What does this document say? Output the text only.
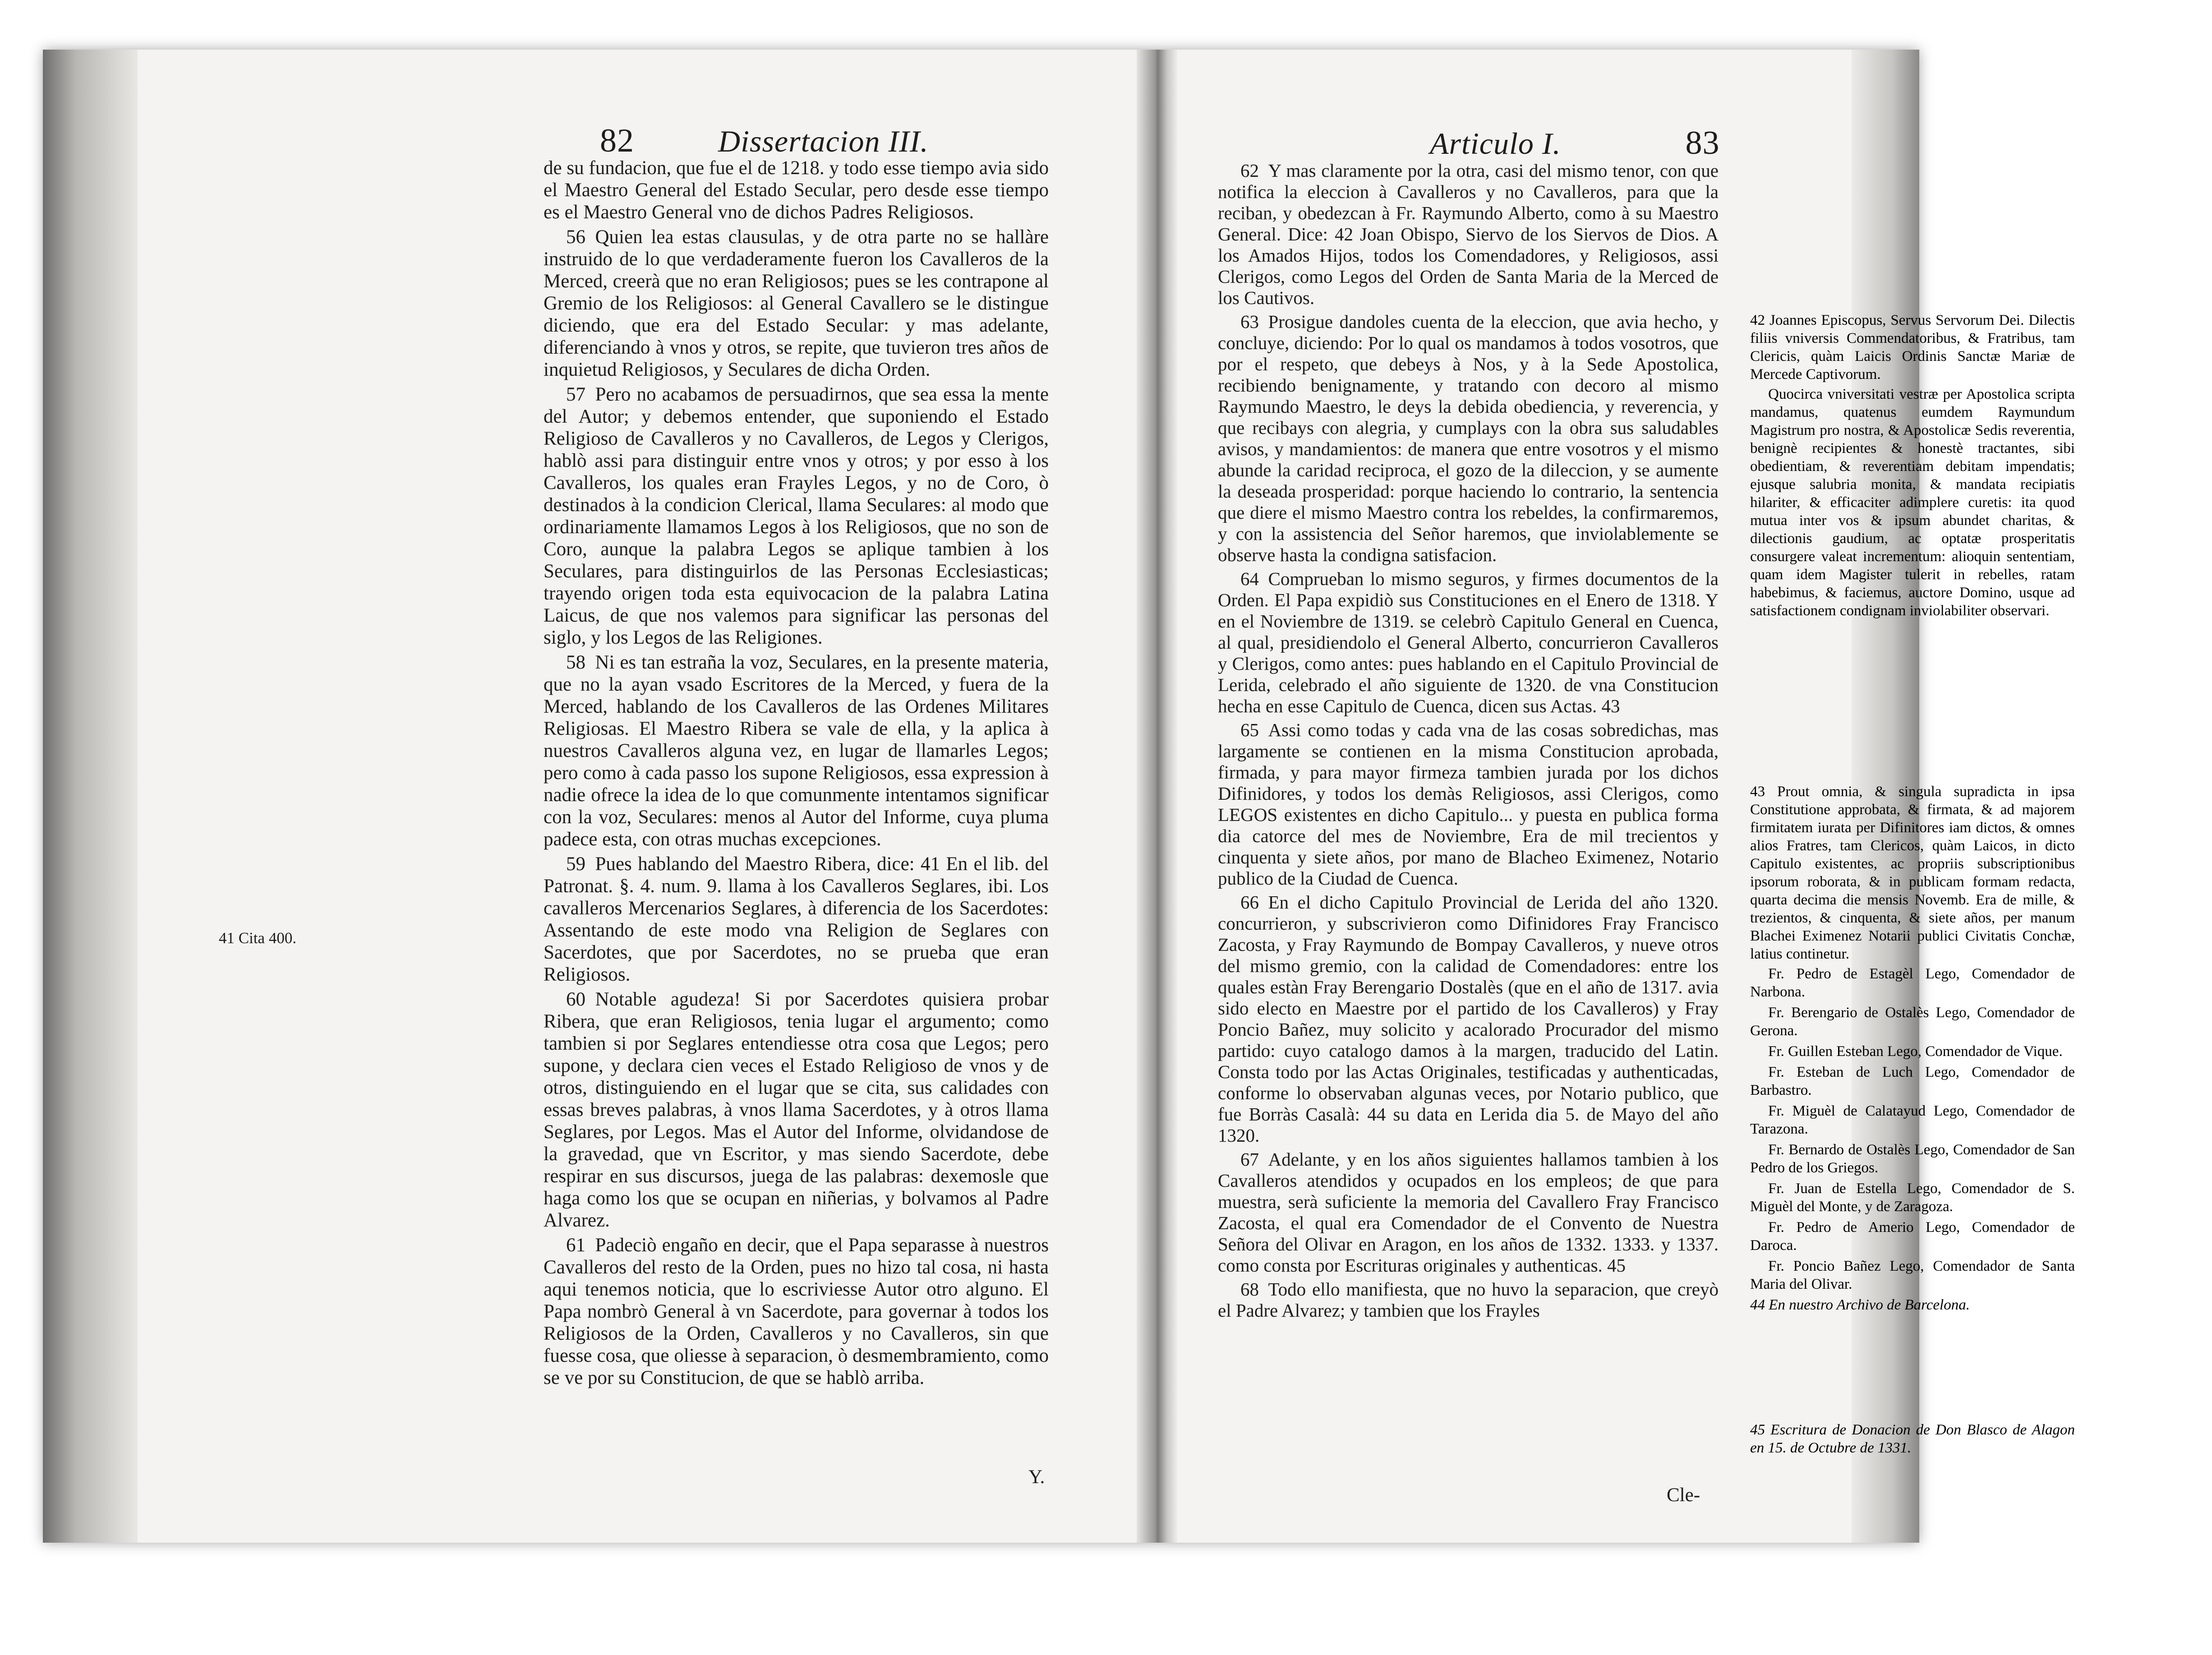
82	Dissertacion III.
41 Cita 400.

de su fundacion, que fue el de 1218. y todo esse tiempo avia sido el Maestro General del Estado Secular, pero desde esse tiempo es el Maestro General vno de dichos Padres Religiosos.

56  Quien lea estas clausulas, y de otra parte no se hallàre instruido de lo que verdaderamente fueron los Cavalleros de la Merced, creerà que no eran Religiosos; pues se les contrapone al Gremio de los Religiosos: al General Cavallero se le distingue diciendo, que era del Estado Secular: y mas adelante, diferenciando à vnos y otros, se repite, que tuvieron tres años de inquietud Religiosos, y Seculares de dicha Orden.

57  Pero no acabamos de persuadirnos, que sea essa la mente del Autor; y debemos entender, que suponiendo el Estado Religioso de Cavalleros y no Cavalleros, de Legos y Clerigos, hablò assi para distinguir entre vnos y otros; y por esso à los Cavalleros, los quales eran Frayles Legos, y no de Coro, ò destinados à la condicion Clerical, llama Seculares: al modo que ordinariamente llamamos Legos à los Religiosos, que no son de Coro, aunque la palabra Legos se aplique tambien à los Seculares, para distinguirlos de las Personas Ecclesiasticas; trayendo origen toda esta equivocacion de la palabra Latina Laicus, de que nos valemos para significar las personas del siglo, y los Legos de las Religiones.

58  Ni es tan estraña la voz, Seculares, en la presente materia, que no la ayan vsado Escritores de la Merced, y fuera de la Merced, hablando de los Cavalleros de las Ordenes Militares Religiosas. El Maestro Ribera se vale de ella, y la aplica à nuestros Cavalleros alguna vez, en lugar de llamarles Legos; pero como à cada passo los supone Religiosos, essa expression à nadie ofrece la idea de lo que comunmente intentamos significar con la voz, Seculares: menos al Autor del Informe, cuya pluma padece esta, con otras muchas excepciones.

59  Pues hablando del Maestro Ribera, dice: 41 En el lib. del Patronat. §. 4. num. 9. llama à los Cavalleros Seglares, ibi. Los cavalleros Mercenarios Seglares, à diferencia de los Sacerdotes: Assentando de este modo vna Religion de Seglares con Sacerdotes, que por Sacerdotes, no se prueba que eran Religiosos.

60  Notable agudeza! Si por Sacerdotes quisiera probar Ribera, que eran Religiosos, tenia lugar el argumento; como tambien si por Seglares entendiesse otra cosa que Legos; pero supone, y declara cien veces el Estado Religioso de vnos y de otros, distinguiendo en el lugar que se cita, sus calidades con essas breves palabras, à vnos llama Sacerdotes, y à otros llama Seglares, por Legos. Mas el Autor del Informe, olvidandose de la gravedad, que vn Escritor, y mas siendo Sacerdote, debe respirar en sus discursos, juega de las palabras: dexemosle que haga como los que se ocupan en niñerias, y bolvamos al Padre Alvarez.

61  Padeciò engaño en decir, que el Papa separasse à nuestros Cavalleros del resto de la Orden, pues no hizo tal cosa, ni hasta aqui tenemos noticia, que lo escriviesse Autor otro alguno. El Papa nombrò General à vn Sacerdote, para governar à todos los Religiosos de la Orden, Cavalleros y no Cavalleros, sin que fuesse cosa, que oliesse à separacion, ò desmembramiento, como se ve por su Constitucion, de que se hablò arriba.

Y.
Articulo I.	83

62  Y mas claramente por la otra, casi del mismo tenor, con que notifica la eleccion à Cavalleros y no Cavalleros, para que la reciban, y obedezcan à Fr. Raymundo Alberto, como à su Maestro General. Dice: 42 Joan Obispo, Siervo de los Siervos de Dios. A los Amados Hijos, todos los Comendadores, y Religiosos, assi Clerigos, como Legos del Orden de Santa Maria de la Merced de los Cautivos.

63  Prosigue dandoles cuenta de la eleccion, que avia hecho, y concluye, diciendo: Por lo qual os mandamos à todos vosotros, que por el respeto, que debeys à Nos, y à la Sede Apostolica, recibiendo benignamente, y tratando con decoro al mismo Raymundo Maestro, le deys la debida obediencia, y reverencia, y que recibays con alegria, y cumplays con la obra sus saludables avisos, y mandamientos: de manera que entre vosotros y el mismo abunde la caridad reciproca, el gozo de la dileccion, y se aumente la deseada prosperidad: porque haciendo lo contrario, la sentencia que diere el mismo Maestro contra los rebeldes, la confirmaremos, y con la assistencia del Señor haremos, que inviolablemente se observe hasta la condigna satisfacion.

64  Comprueban lo mismo seguros, y firmes documentos de la Orden. El Papa expidiò sus Constituciones en el Enero de 1318. Y en el Noviembre de 1319. se celebrò Capitulo General en Cuenca, al qual, presidiendolo el General Alberto, concurrieron Cavalleros y Clerigos, como antes: pues hablando en el Capitulo Provincial de Lerida, celebrado el año siguiente de 1320. de vna Constitucion hecha en esse Capitulo de Cuenca, dicen sus Actas. 43

65  Assi como todas y cada vna de las cosas sobredichas, mas largamente se contienen en la misma Constitucion aprobada, firmada, y para mayor firmeza tambien jurada por los dichos Difinidores, y todos los demàs Religiosos, assi Clerigos, como LEGOS existentes en dicho Capitulo... y puesta en publica forma dia catorce del mes de Noviembre, Era de mil trecientos y cinquenta y siete años, por mano de Blacheo Eximenez, Notario publico de la Ciudad de Cuenca.

66  En el dicho Capitulo Provincial de Lerida del año 1320. concurrieron, y subscrivieron como Difinidores Fray Francisco Zacosta, y Fray Raymundo de Bompay Cavalleros, y nueve otros del mismo gremio, con la calidad de Comendadores: entre los quales estàn Fray Berengario Dostalès (que en el año de 1317. avia sido electo en Maestre por el partido de los Cavalleros) y Fray Poncio Bañez, muy solicito y acalorado Procurador del mismo partido: cuyo catalogo damos à la margen, traducido del Latin. Consta todo por las Actas Originales, testificadas y authenticadas, conforme lo observaban algunas veces, por Notario publico, que fue Borràs Casalà: 44 su data en Lerida dia 5. de Mayo del año 1320.

67  Adelante, y en los años siguientes hallamos tambien à los Cavalleros atendidos y ocupados en los empleos; de que para muestra, serà suficiente la memoria del Cavallero Fray Francisco Zacosta, el qual era Comendador de el Convento de Nuestra Señora del Olivar en Aragon, en los años de 1332. 1333. y 1337. como consta por Escrituras originales y authenticas. 45

68  Todo ello manifiesta, que no huvo la separacion, que creyò el Padre Alvarez; y tambien que los Frayles

Cle-

42 Joannes Episcopus, Servus Servorum Dei. Dilectis filiis vniversis Commendatoribus, & Fratribus, tam Clericis, quàm Laicis Ordinis Sanctæ Mariæ de Mercede Captivorum.

Quocirca vniversitati vestræ per Apostolica scripta mandamus, quatenus eumdem Raymundum Magistrum pro nostra, & Apostolicæ Sedis reverentia, benignè recipientes & honestè tractantes, sibi obedientiam, & reverentiam debitam impendatis; ejusque salubria monita, & mandata recipiatis hilariter, & efficaciter adimplere curetis: ita quod mutua inter vos & ipsum abundet charitas, & dilectionis gaudium, ac optatæ prosperitatis consurgere valeat incrementum: alioquin sententiam, quam idem Magister tulerit in rebelles, ratam habebimus, & faciemus, auctore Domino, usque ad satisfactionem condignam inviolabiliter observari.

43 Prout omnia, & singula supradicta in ipsa Constitutione approbata, & firmata, & ad majorem firmitatem iurata per Difinitores iam dictos, & omnes alios Fratres, tam Clericos, quàm Laicos, in dicto Capitulo existentes, ac propriis subscriptionibus ipsorum roborata, & in publicam formam redacta, quarta decima die mensis Novemb. Era de mille, & trezientos, & cinquenta, & siete años, per manum Blachei Eximenez Notarii publici Civitatis Conchæ, latius continetur.

Fr. Pedro de Estagèl Lego, Comendador de Narbona.

Fr. Berengario de Ostalès Lego, Comendador de Gerona.

Fr. Guillen Esteban Lego, Comendador de Vique.

Fr. Esteban de Luch Lego, Comendador de Barbastro.

Fr. Miguèl de Calatayud Lego, Comendador de Tarazona.

Fr. Bernardo de Ostalès Lego, Comendador de San Pedro de los Griegos.

Fr. Juan de Estella Lego, Comendador de S. Miguèl del Monte, y de Zaragoza.

Fr. Pedro de Amerio Lego, Comendador de Daroca.

Fr. Poncio Bañez Lego, Comendador de Santa Maria del Olivar.

44 En nuestro Archivo de Barcelona.

45 Escritura de Donacion de Don Blasco de Alagon en 15. de Octubre de 1331.
